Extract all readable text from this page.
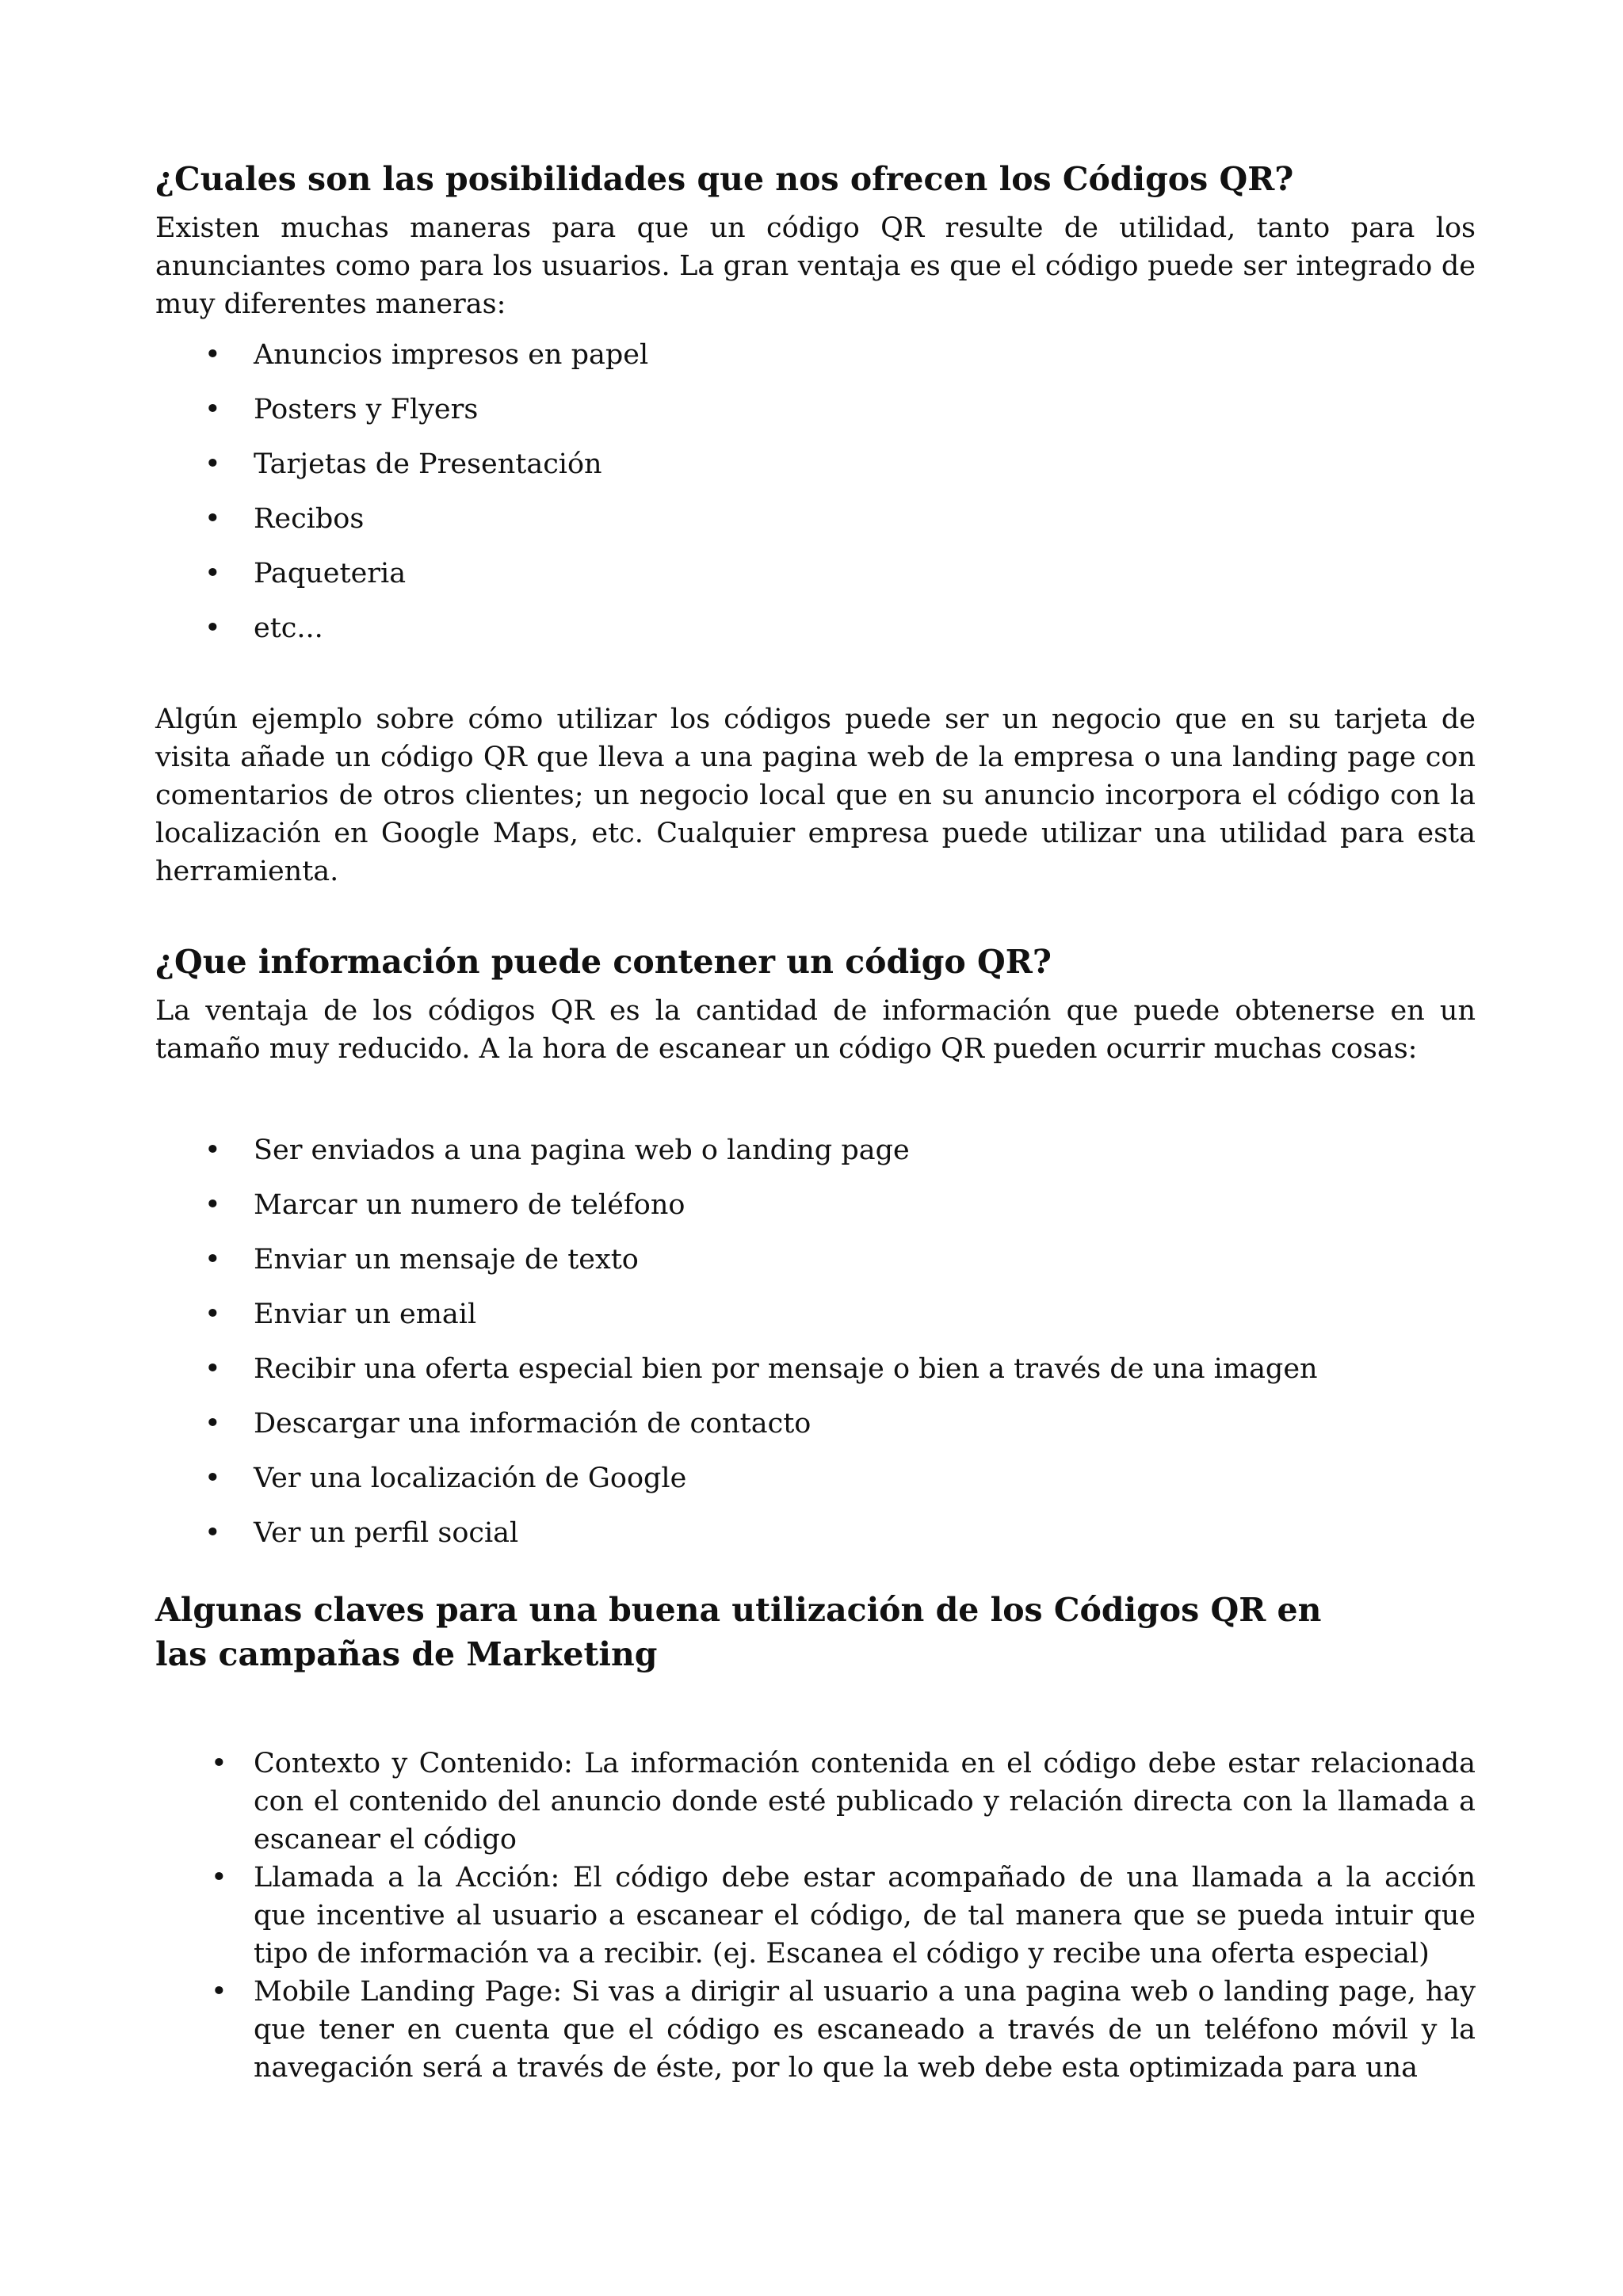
¿Cuales son las posibilidades que nos ofrecen los Códigos QR?

Existen muchas maneras para que un código QR resulte de utilidad, tanto para los anunciantes como para los usuarios. La gran ventaja es que el código puede ser integrado de muy diferentes maneras:

• Anuncios impresos en papel
• Posters y Flyers
• Tarjetas de Presentación
• Recibos
• Paqueteria
• etc...

Algún ejemplo sobre cómo utilizar los códigos puede ser un negocio que en su tarjeta de visita añade un código QR que lleva a una pagina web de la empresa o una landing page con comentarios de otros clientes; un negocio local que en su anuncio incorpora el código con la localización en Google Maps, etc. Cualquier empresa puede utilizar una utilidad para esta herramienta.

¿Que información puede contener un código QR?

La ventaja de los códigos QR es la cantidad de información que puede obtenerse en un tamaño muy reducido. A la hora de escanear un código QR pueden ocurrir muchas cosas:

• Ser enviados a una pagina web o landing page
• Marcar un numero de teléfono
• Enviar un mensaje de texto
• Enviar un email
• Recibir una oferta especial bien por mensaje o bien a través de una imagen
• Descargar una información de contacto
• Ver una localización de Google
• Ver un perfil social
Algunas claves para una buena utilización de los Códigos QR en las campañas de Marketing
• Contexto y Contenido: La información contenida en el código debe estar relacionada con el contenido del anuncio donde esté publicado y relación directa con la llamada a escanear el código
• Llamada a la Acción: El código debe estar acompañado de una llamada a la acción que incentive al usuario a escanear el código, de tal manera que se pueda intuir que tipo de información va a recibir. (ej. Escanea el código y recibe una oferta especial)
• Mobile Landing Page: Si vas a dirigir al usuario a una pagina web o landing page, hay que tener en cuenta que el código es escaneado a través de un teléfono móvil y la navegación será a través de éste, por lo que la web debe esta optimizada para una
